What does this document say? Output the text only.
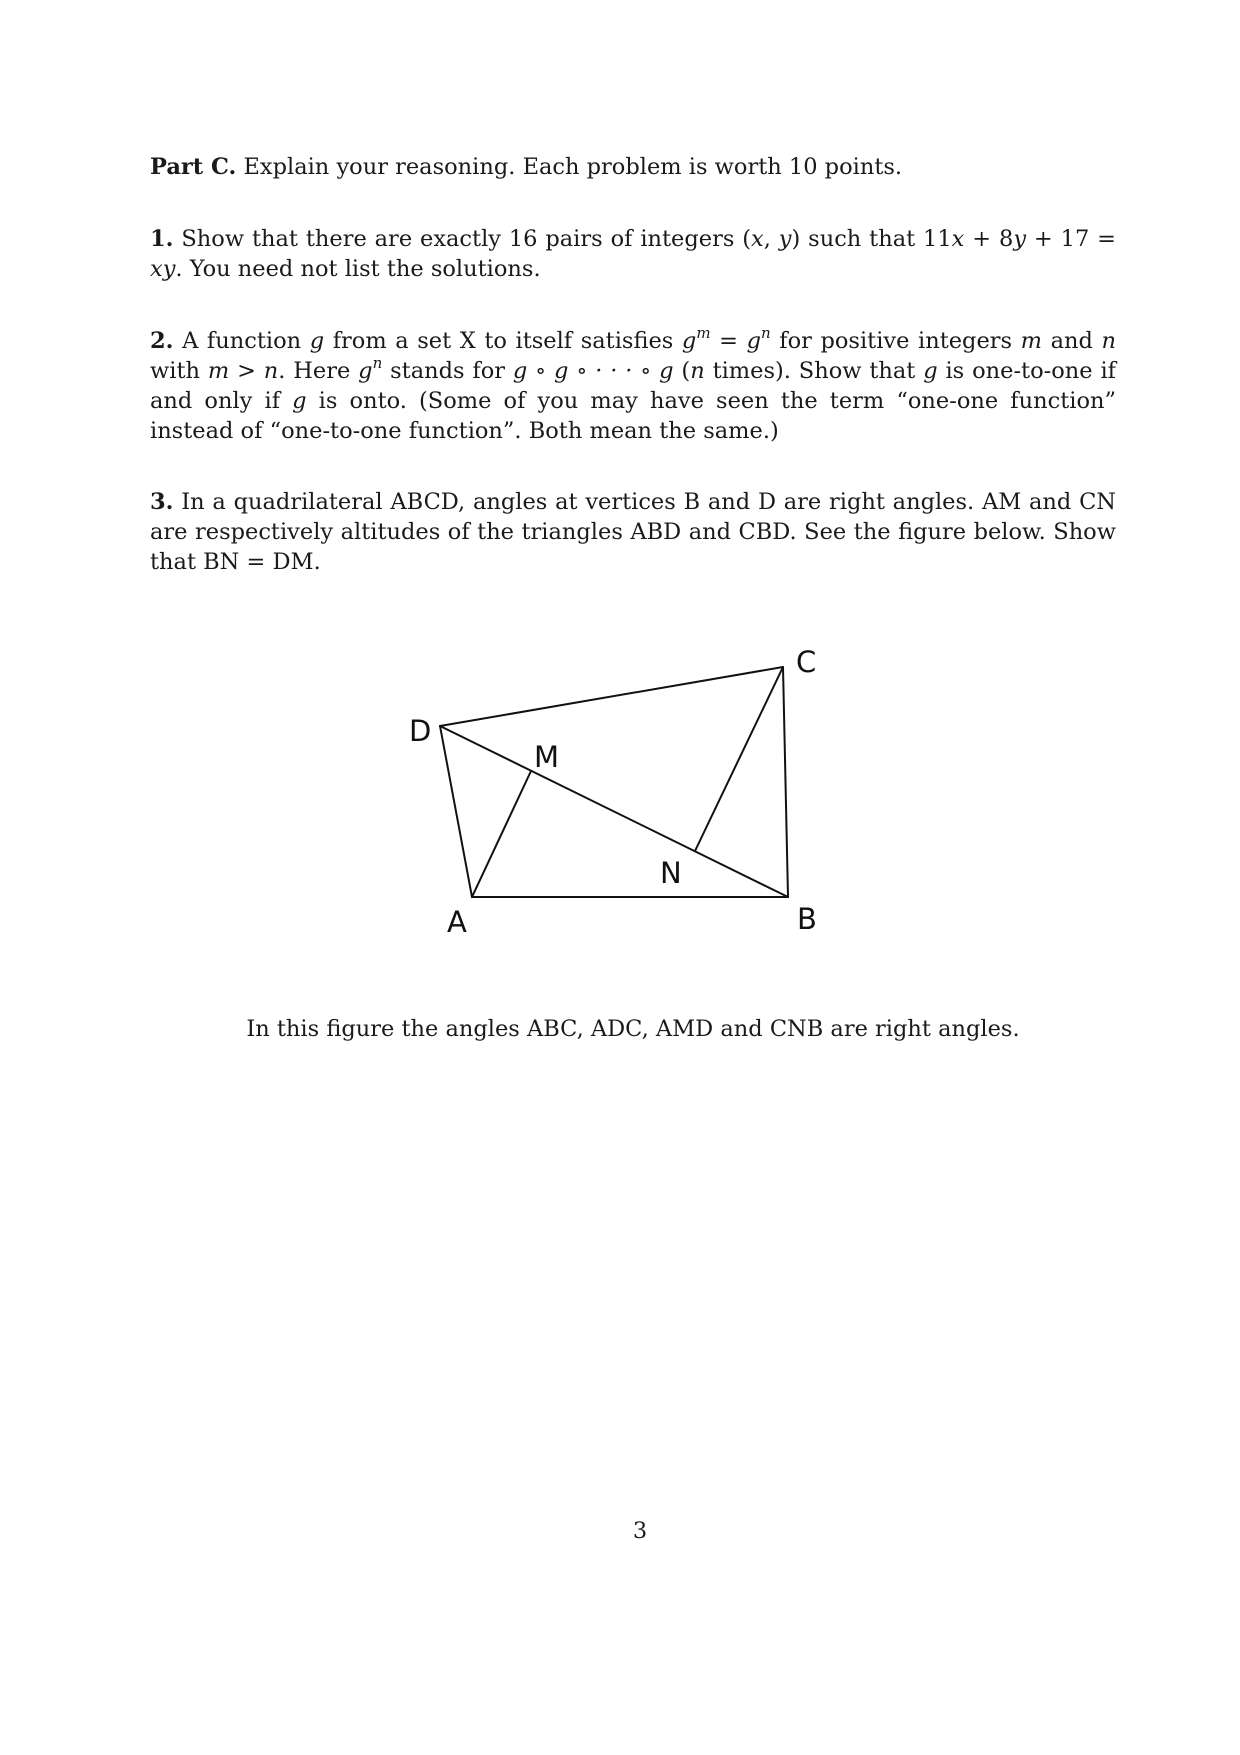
Part C. Explain your reasoning. Each problem is worth 10 points.
1. Show that there are exactly 16 pairs of integers (x, y) such that 11x + 8y + 17 = xy. You need not list the solutions.
2. A function g from a set X to itself satisfies $g^m = g^n$ for positive integers m and n with m > n. Here $g^n$ stands for g ∘ g ∘ · · · ∘ g (n times). Show that g is one-to-one if and only if g is onto. (Some of you may have seen the term “one-one function” instead of “one-to-one function”. Both mean the same.)
3. In a quadrilateral ABCD, angles at vertices B and D are right angles. AM and CN are respectively altitudes of the triangles ABD and CBD. See the figure below. Show that BN = DM.
C
D
M
N
A	B
In this figure the angles ABC, ADC, AMD and CNB are right angles.
3
